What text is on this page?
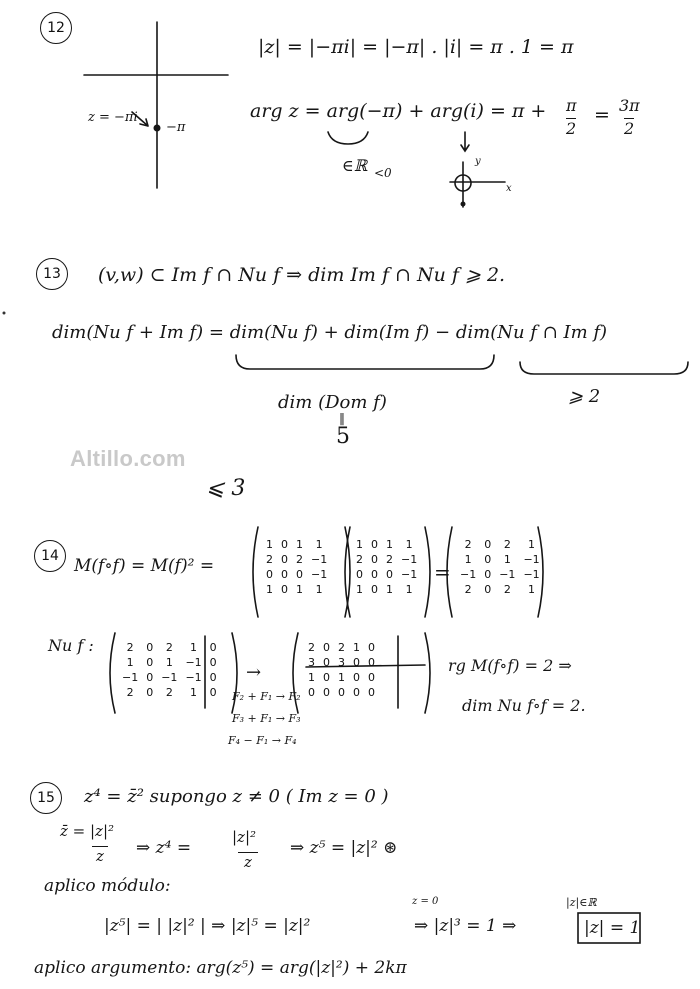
12
|z| = |−πi| = |−π| . |i| = π . 1 = π
arg z = arg(−π) + arg(i) = π + π
2
= 3π
2
∈ℝ <0
z = −πi
−π
y
x
13	(v,w) ⊂ Im f ∩ Nu f ⇒ dim Im f ∩ Nu f ⩾ 2.
dim(Nu f + Im f) = dim(Nu f) + dim(Im f) − dim(Nu f ∩ Im f)
dim (Dom f)
‖
5
⩾ 2
Altillo.com
⩽ 3
14 M(f∘f) = M(f)² =
1	0	1	1
2	0	2	−1
0	0	0	−1
1	0	1	1
1	0	1	1
2	0	2	−1
0	0	0	−1
1	0	1	1
=
2	0	2	1
1	0	1	−1
−1	0	−1	−1
2	0	2	1
Nu f :	2	0	2	1	0
1	0	1	−1	0
−1	0	−1	−1	0
2	0	2	1	0
→
2	0	2	1	0
3	0	3	0	0
1	0	1	0	0
0	0	0	0	0
F₂ + F₁ → F₂
F₃ + F₁ → F₃
F₄ − F₁ → F₄
rg M(f∘f) = 2 ⇒
dim Nu f∘f = 2.
15	z⁴ = z̄² supongo z ≠ 0 ( Im z = 0 )
z̄ = |z|²
z ⇒ z⁴ =
|z|²
z
⇒ z⁵ = |z|² ⊛
aplico módulo:
|z⁵| = | |z|² | ⇒ |z|⁵ = |z|²
z = 0
⇒ |z|³ = 1 ⇒
|z|∈ℝ
|z| = 1
aplico argumento: arg(z⁵) = arg(|z|²) + 2kπ
